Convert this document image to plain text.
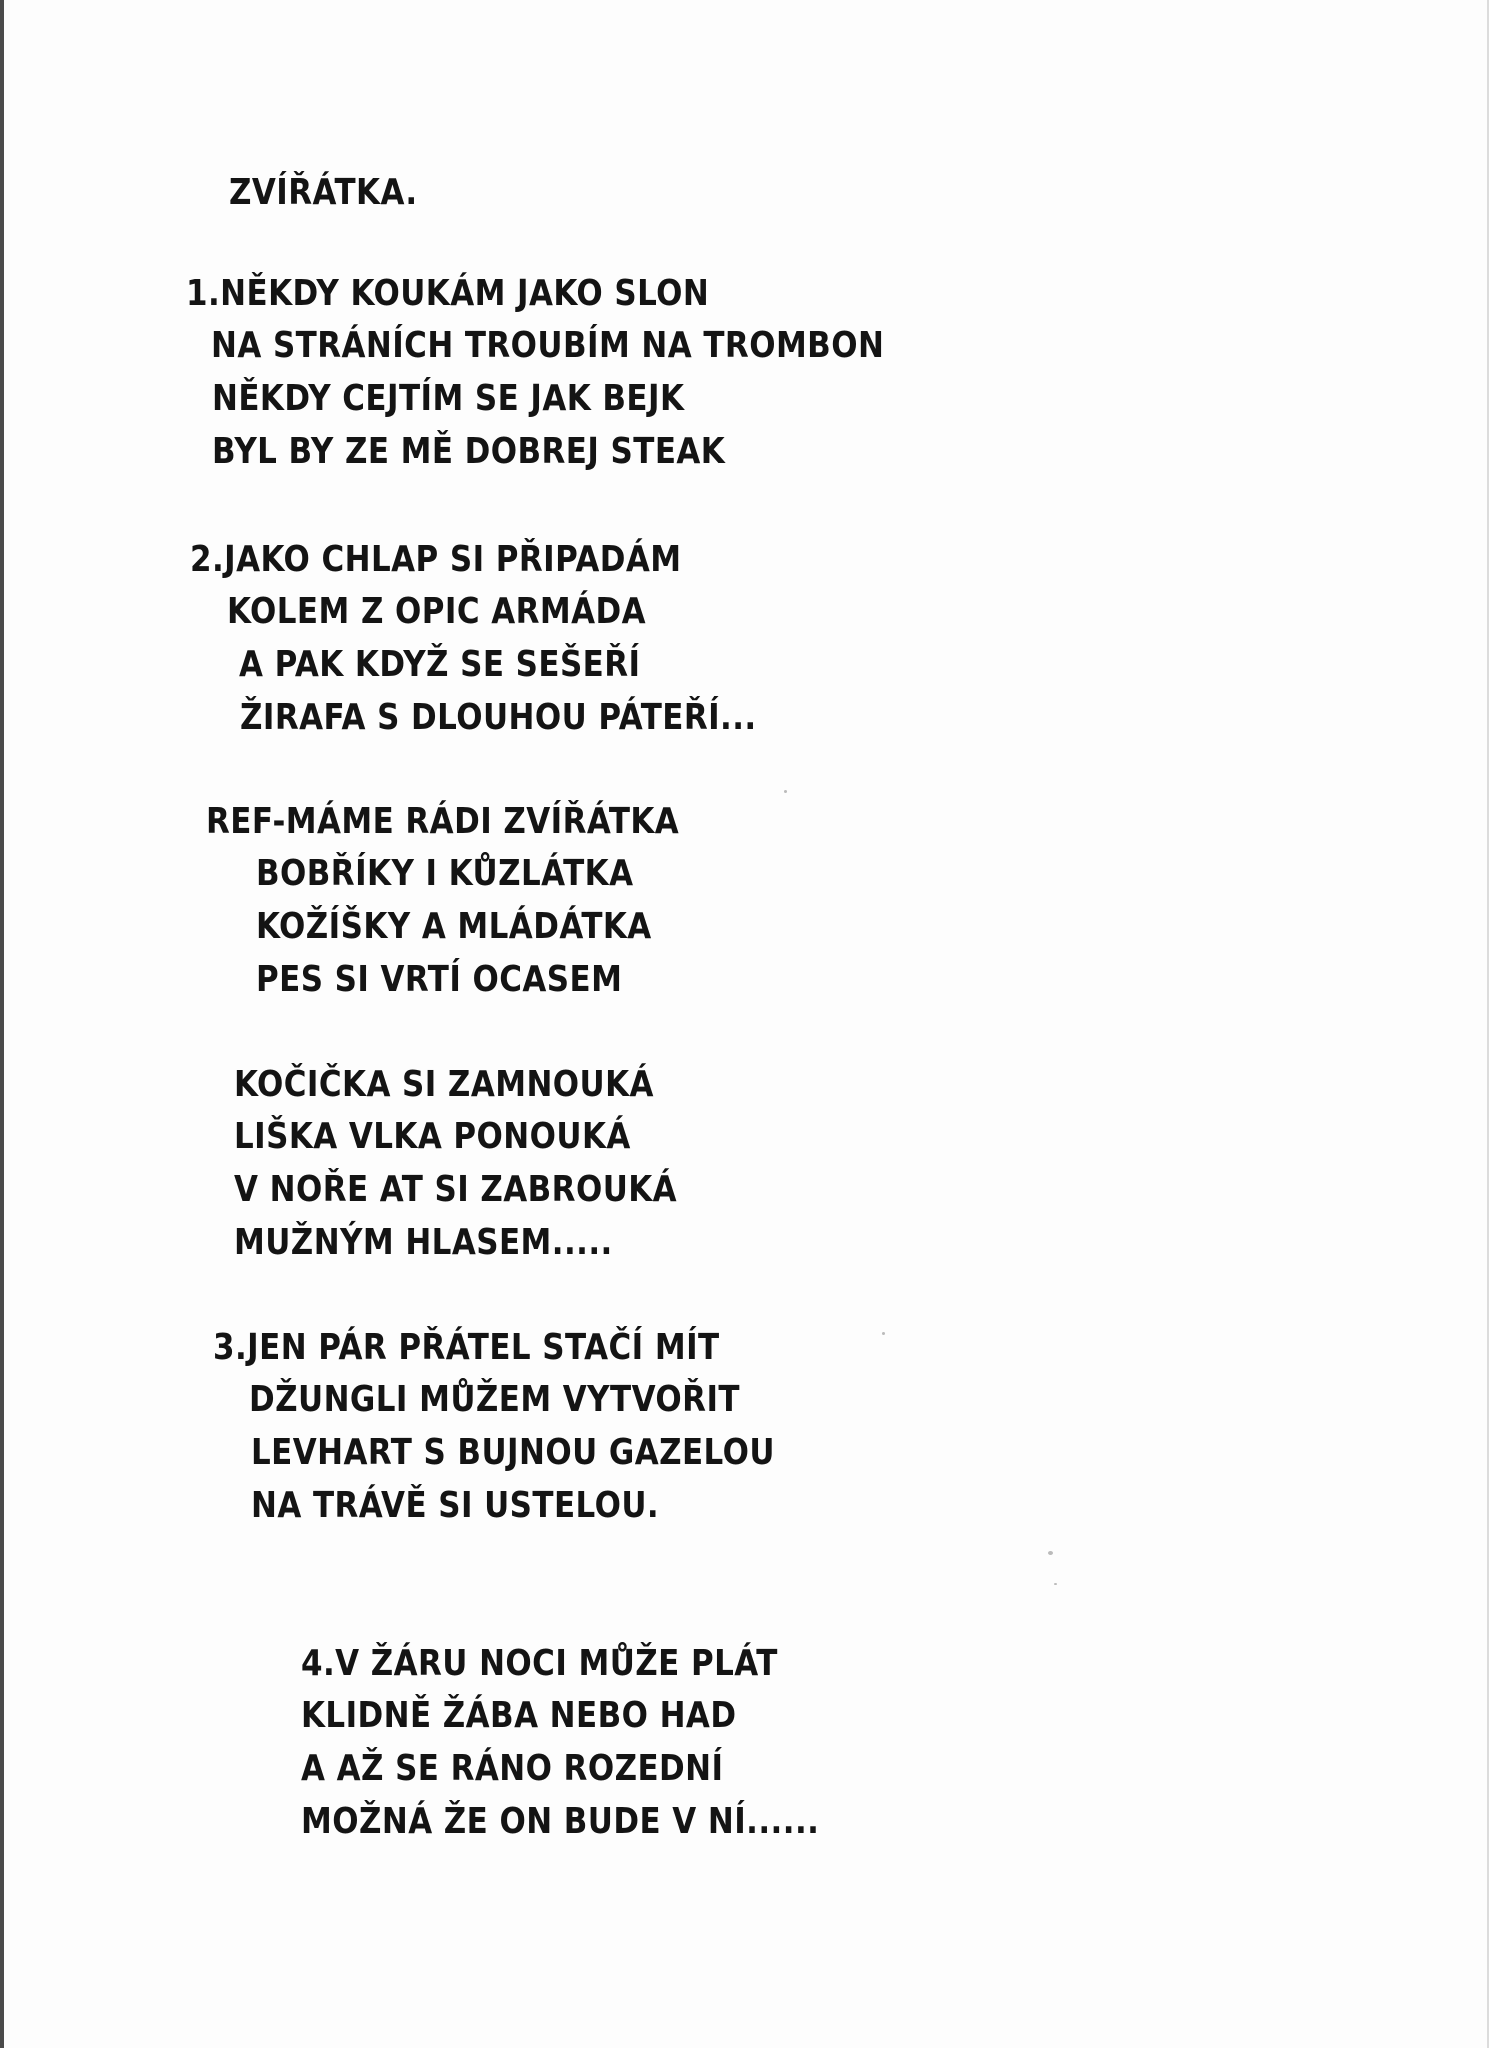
ZVÍŘÁTKA.

1.NĚKDY KOUKÁM JAKO SLON

NA STRÁNÍCH TROUBÍM NA TROMBON

NĚKDY CEJTÍM SE JAK BEJK

BYL BY ZE MĚ DOBREJ STEAK

2.JAKO CHLAP SI PŘIPADÁM

KOLEM Z OPIC ARMÁDA

A PAK KDYŽ SE SEŠEŘÍ

ŽIRAFA S DLOUHOU PÁTEŘÍ...

REF-MÁME RÁDI ZVÍŘÁTKA

BOBŘÍKY I KŮZLÁTKA

KOŽÍŠKY A MLÁDÁTKA

PES SI VRTÍ OCASEM

KOČIČKA SI ZAMNOUKÁ

LIŠKA VLKA PONOUKÁ

V NOŘE AT SI ZABROUKÁ

MUŽNÝM HLASEM.....

3.JEN PÁR PŘÁTEL STAČÍ MÍT

DŽUNGLI MŮŽEM VYTVOŘIT

LEVHART S BUJNOU GAZELOU

NA TRÁVĚ SI USTELOU.

4.V ŽÁRU NOCI MŮŽE PLÁT

KLIDNĚ ŽÁBA NEBO HAD

A AŽ SE RÁNO ROZEDNÍ

MOŽNÁ ŽE ON BUDE V NÍ......
